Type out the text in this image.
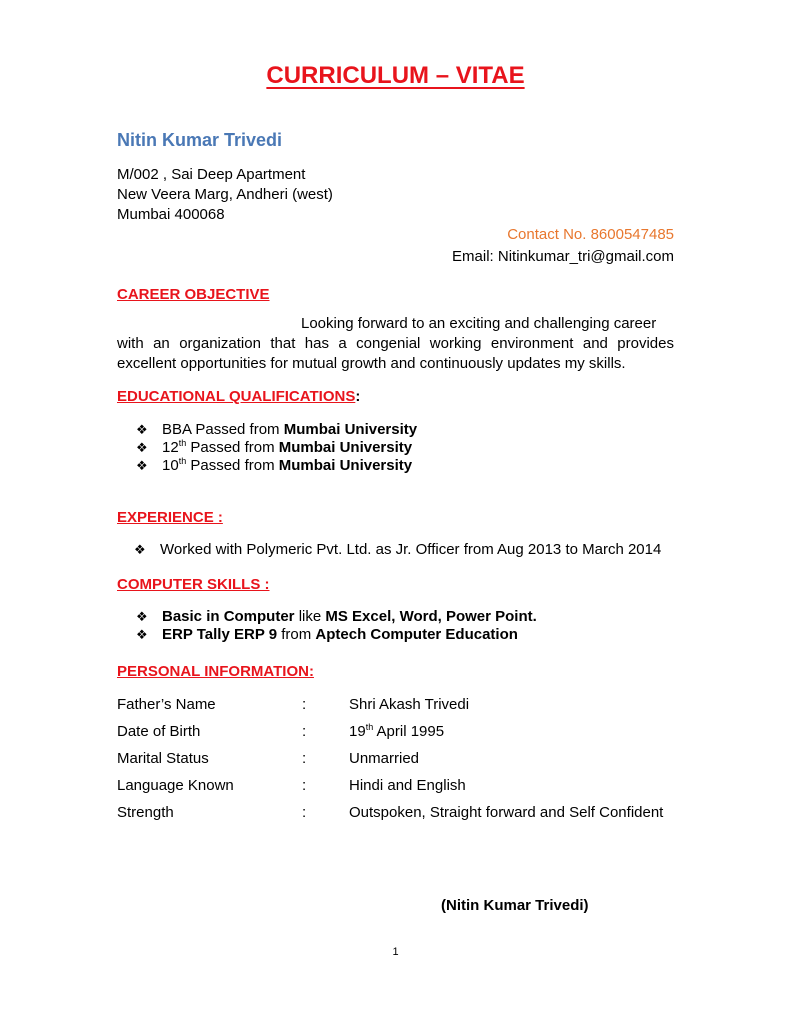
CURRICULUM – VITAE
Nitin Kumar Trivedi
M/002 , Sai Deep Apartment
New Veera Marg, Andheri (west)
Mumbai 400068
Contact No. 8600547485
Email: Nitinkumar_tri@gmail.com
CAREER OBJECTIVE
Looking forward to an exciting and challenging career
with an organization that has a congenial working environment and provides excellent opportunities for mutual growth and continuously updates my skills.
EDUCATIONAL QUALIFICATIONS:
❖ BBA Passed from Mumbai University
❖ 12th Passed from Mumbai University
❖ 10th Passed from Mumbai University
EXPERIENCE :
❖ Worked with Polymeric Pvt. Ltd. as Jr. Officer from Aug 2013 to March 2014
COMPUTER SKILLS :
❖ Basic in Computer like MS Excel, Word, Power Point.
❖ ERP Tally ERP 9 from Aptech Computer Education
PERSONAL INFORMATION:
Father’s Name	:	Shri Akash Trivedi
Date of Birth	:	19th April 1995
Marital Status	:	Unmarried
Language Known	:	Hindi and English
Strength	:	Outspoken, Straight forward and Self Confident
(Nitin Kumar Trivedi)
1
